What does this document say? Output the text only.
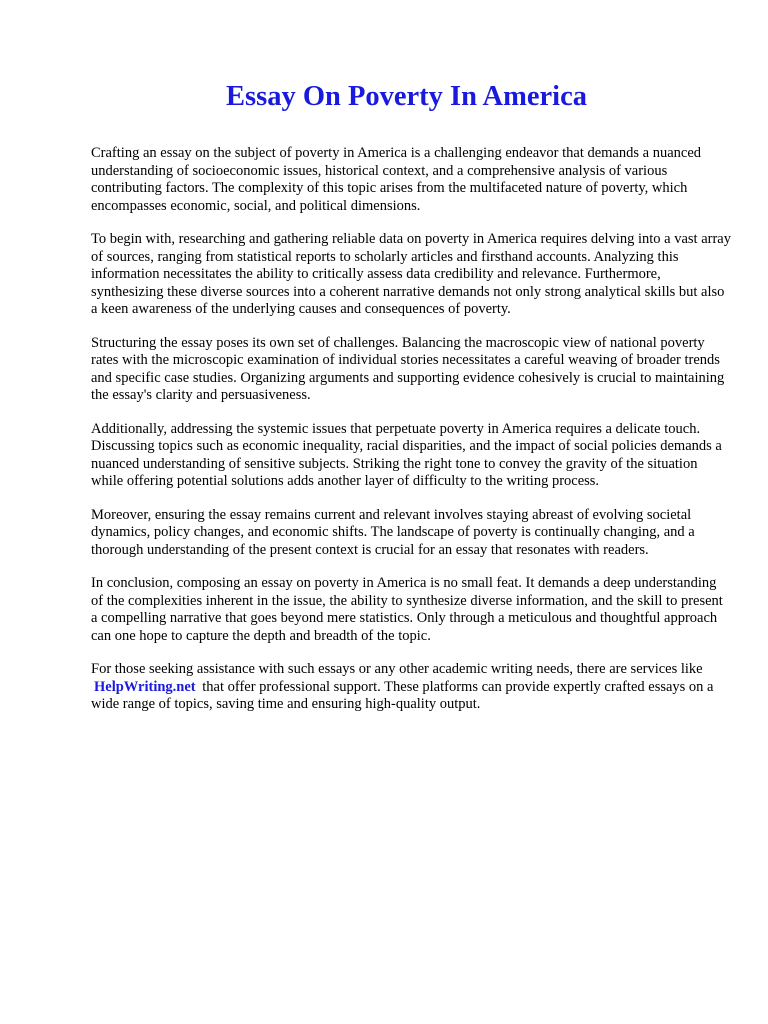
Essay On Poverty In America

Crafting an essay on the subject of poverty in America is a challenging endeavor that demands a nuanced understanding of socioeconomic issues, historical context, and a comprehensive analysis of various contributing factors. The complexity of this topic arises from the multifaceted nature of poverty, which encompasses economic, social, and political dimensions.

To begin with, researching and gathering reliable data on poverty in America requires delving into a vast array of sources, ranging from statistical reports to scholarly articles and firsthand accounts. Analyzing this information necessitates the ability to critically assess data credibility and relevance. Furthermore, synthesizing these diverse sources into a coherent narrative demands not only strong analytical skills but also a keen awareness of the underlying causes and consequences of poverty.

Structuring the essay poses its own set of challenges. Balancing the macroscopic view of national poverty rates with the microscopic examination of individual stories necessitates a careful weaving of broader trends and specific case studies. Organizing arguments and supporting evidence cohesively is crucial to maintaining the essay's clarity and persuasiveness.

Additionally, addressing the systemic issues that perpetuate poverty in America requires a delicate touch. Discussing topics such as economic inequality, racial disparities, and the impact of social policies demands a nuanced understanding of sensitive subjects. Striking the right tone to convey the gravity of the situation while offering potential solutions adds another layer of difficulty to the writing process.

Moreover, ensuring the essay remains current and relevant involves staying abreast of evolving societal dynamics, policy changes, and economic shifts. The landscape of poverty is continually changing, and a thorough understanding of the present context is crucial for an essay that resonates with readers.

In conclusion, composing an essay on poverty in America is no small feat. It demands a deep understanding of the complexities inherent in the issue, the ability to synthesize diverse information, and the skill to present a compelling narrative that goes beyond mere statistics. Only through a meticulous and thoughtful approach can one hope to capture the depth and breadth of the topic.

For those seeking assistance with such essays or any other academic writing needs, there are services like HelpWriting.net that offer professional support. These platforms can provide expertly crafted essays on a wide range of topics, saving time and ensuring high-quality output.
